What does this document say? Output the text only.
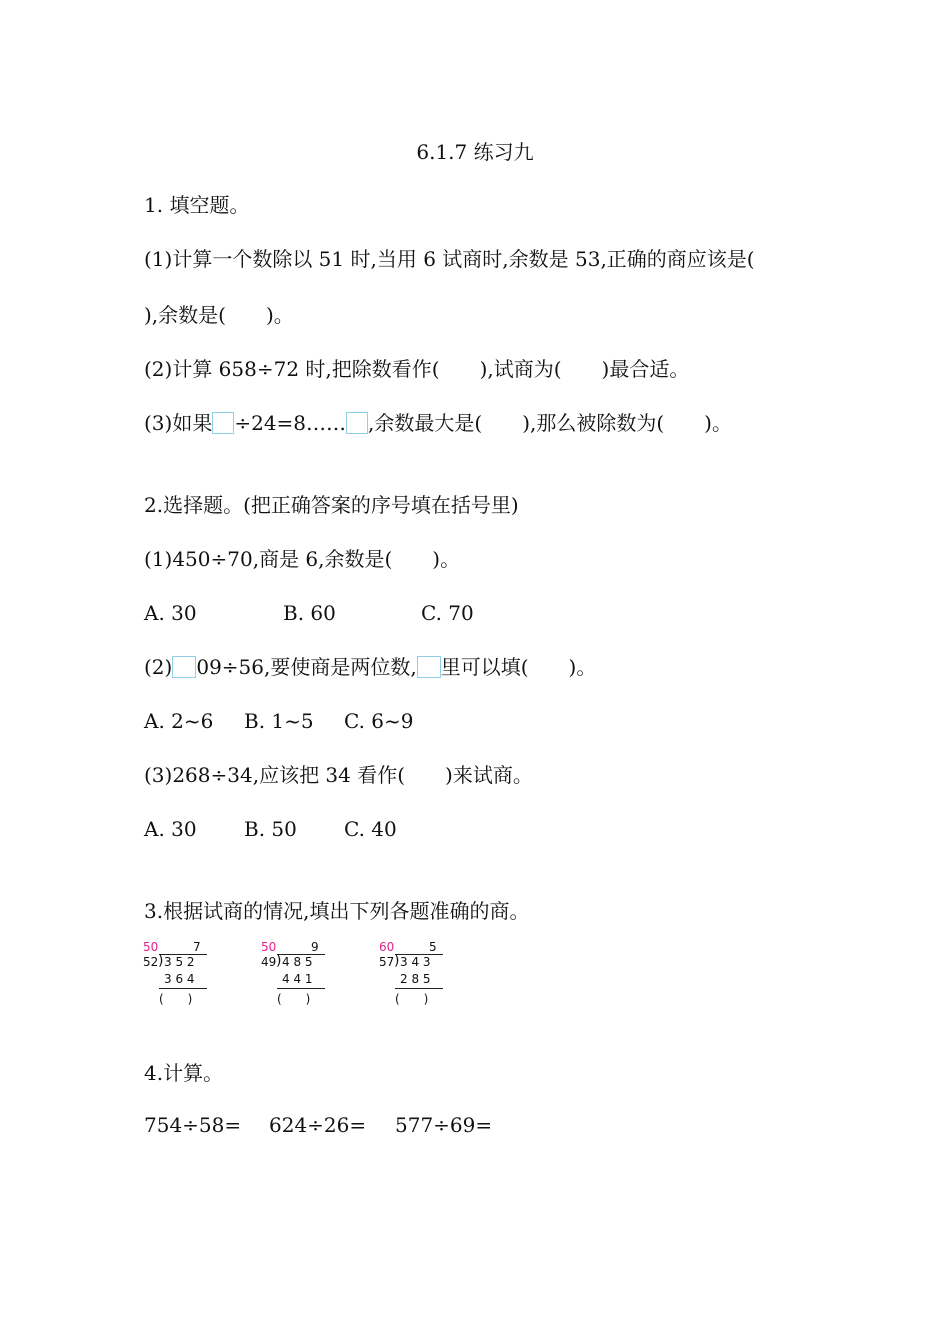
6.1.7 练习九
1. 填空题。
(1)计算一个数除以 51 时,当用 6 试商时,余数是 53,正确的商应该是(
),余数是(　　)。
(2)计算 658÷72 时,把除数看作(　　),试商为(　　)最合适。
(3)如果 ÷24=8…… ,余数最大是(　　),那么被除数为(　　)。
2.选择题。(把正确答案的序号填在括号里)
(1)450÷70,商是 6,余数是(　　)。
A. 30	B. 60	C. 70
(2) 09÷56,要使商是两位数, 里可以填(　　)。
A. 2~6 B. 1~5 C. 6~9
(3)268÷34,应该把 34 看作(　　)来试商。
A. 30 B. 50 C. 40
3.根据试商的情况,填出下列各题准确的商。
50	7
52 ) 3 5 2
3 6 4
(　　)
50	9
49 ) 4 8 5
4 4 1
(　　)
60	5
57 ) 3 4 3
2 8 5
(　　)
4.计算。
754÷58= 624÷26= 577÷69=
